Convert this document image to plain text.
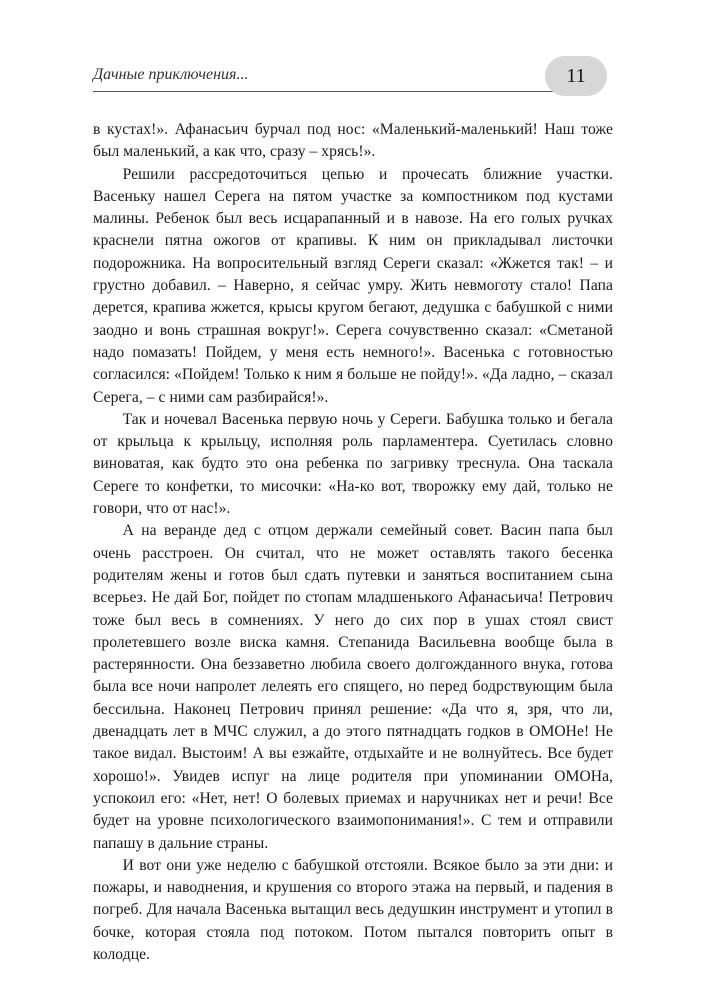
Дачные приключения...	11

в кустах!». Афанасьич бурчал под нос: «Маленький-маленький! Наш тоже был маленький, а как что, сразу – хрясь!».

Решили рассредоточиться цепью и прочесать ближние участки. Васеньку нашел Серега на пятом участке за компостником под кустами малины. Ребенок был весь исцарапанный и в навозе. На его голых ручках краснели пятна ожогов от крапивы. К ним он прикладывал листочки подорожника. На вопросительный взгляд Сереги сказал: «Жжется так! – и грустно добавил. – Наверно, я сейчас умру. Жить невмоготу стало! Папа дерется, крапива жжется, крысы кругом бегают, дедушка с бабушкой с ними заодно и вонь страшная вокруг!». Серега сочувственно сказал: «Сметаной надо помазать! Пойдем, у меня есть немного!». Васенька с готовностью согласился: «Пойдем! Только к ним я больше не пойду!». «Да ладно, – сказал Серега, – с ними сам разбирайся!».

Так и ночевал Васенька первую ночь у Сереги. Бабушка только и бегала от крыльца к крыльцу, исполняя роль парламентера. Суетилась словно виноватая, как будто это она ребенка по загривку треснула. Она таскала Сереге то конфетки, то мисочки: «На-ко вот, творожку ему дай, только не говори, что от нас!».

А на веранде дед с отцом держали семейный совет. Васин папа был очень расстроен. Он считал, что не может оставлять такого бесенка родителям жены и готов был сдать путевки и заняться воспитанием сына всерьез. Не дай Бог, пойдет по стопам младшенького Афанасьича! Петрович тоже был весь в сомнениях. У него до сих пор в ушах стоял свист пролетевшего возле виска камня. Степанида Васильевна вообще была в растерянности. Она беззаветно любила своего долгожданного внука, готова была все ночи напролет лелеять его спящего, но перед бодрствующим была бессильна. Наконец Петрович принял решение: «Да что я, зря, что ли, двенадцать лет в МЧС служил, а до этого пятнадцать годков в ОМОНе! Не такое видал. Выстоим! А вы езжайте, отдыхайте и не волнуйтесь. Все будет хорошо!». Увидев испуг на лице родителя при упоминании ОМОНа, успокоил его: «Нет, нет! О болевых приемах и наручниках нет и речи! Все будет на уровне психологического взаимопонимания!». С тем и отправили папашу в дальние страны.

И вот они уже неделю с бабушкой отстояли. Всякое было за эти дни: и пожары, и наводнения, и крушения со второго этажа на первый, и падения в погреб. Для начала Васенька вытащил весь дедушкин инструмент и утопил в бочке, которая стояла под потоком. Потом пытался повторить опыт в колодце.
